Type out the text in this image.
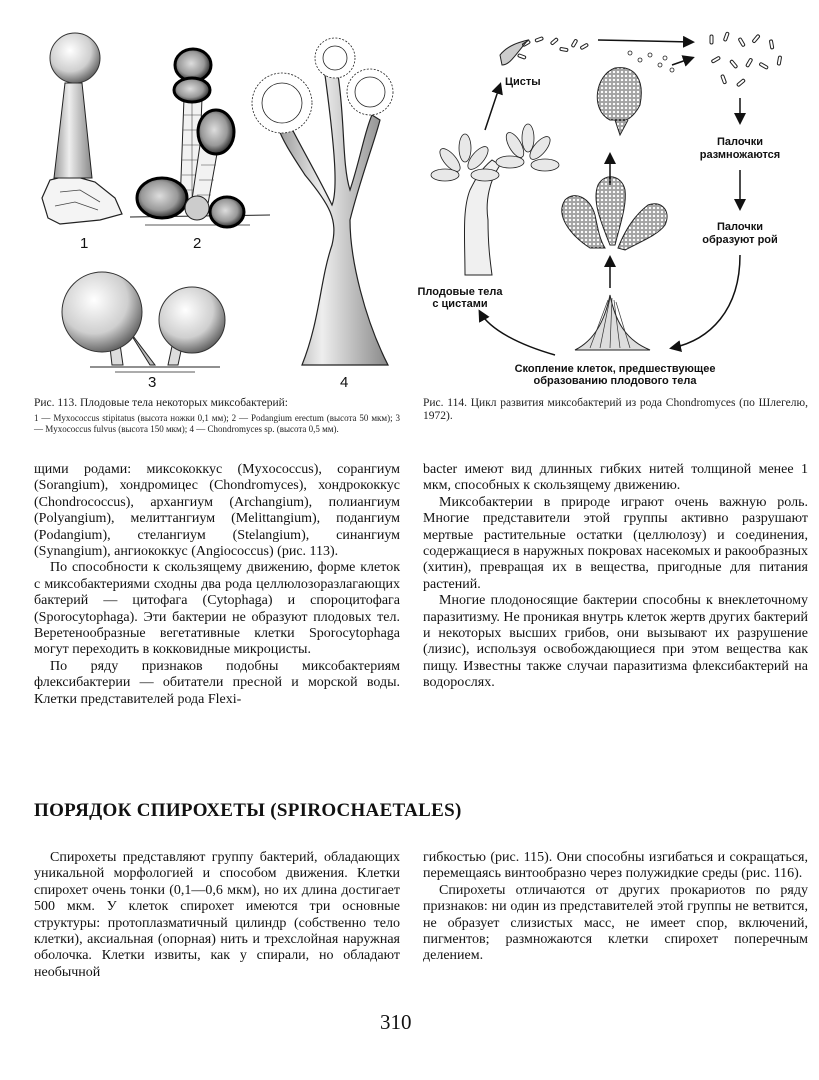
1	2
3	4
Рис. 113. Плодовые тела некоторых миксобактерий:
1 — Myxococcus stipitatus (высота ножки 0,1 мм); 2 — Podangium erectum (высота 50 мкм); 3 — Myxococcus fulvus (высота 150 мкм); 4 — Chondromyces sp. (высота 0,5 мм).
Цисты
Палочки
размножаются
Палочки
образуют рой
Плодовые тела
с цистами
Скопление клеток, предшествующее
образованию плодового тела
Рис. 114. Цикл развития миксобактерий из рода Chondromyces (по Шлегелю, 1972).

щими родами: миксококкус (Myxococcus), сорангиум (Sorangium), хондромицес (Chondromyces), хондрококкус (Chondrococcus), архангиум (Archangium), полиангиум (Polyangium), мелиттангиум (Melittangium), подангиум (Podangium), стелангиум (Stelangium), синангиум (Synangium), ангиококкус (Angiococcus) (рис. 113).

По способности к скользящему движению, форме клеток с миксобактериями сходны два рода целлюлозоразлагающих бактерий — цитофага (Cytophaga) и спороцитофага (Sporocytophaga). Эти бактерии не образуют плодовых тел. Веретенообразные вегетативные клетки Sporocytophaga могут переходить в кокковидные микроцисты.

По ряду признаков подобны миксобактериям флексибактерии — обитатели пресной и морской воды. Клетки представителей рода Flexi-

bacter имеют вид длинных гибких нитей толщиной менее 1 мкм, способных к скользящему движению.

Миксобактерии в природе играют очень важную роль. Многие представители этой группы активно разрушают мертвые растительные остатки (целлюлозу) и соединения, содержащиеся в наружных покровах насекомых и ракообразных (хитин), превращая их в вещества, пригодные для питания растений.

Многие плодоносящие бактерии способны к внеклеточному паразитизму. Не проникая внутрь клеток жертв других бактерий и некоторых высших грибов, они вызывают их разрушение (лизис), используя освобождающиеся при этом вещества как пищу. Известны также случаи паразитизма флексибактерий на водорослях.

ПОРЯДОК СПИРОХЕТЫ (SPIROCHAETALES)

Спирохеты представляют группу бактерий, обладающих уникальной морфологией и способом движения. Клетки спирохет очень тонки (0,1—0,6 мкм), но их длина достигает 500 мкм. У клеток спирохет имеются три основные структуры: протоплазматичный цилиндр (собственно тело клетки), аксиальная (опорная) нить и трехслойная наружная оболочка. Клетки извиты, как у спирали, но обладают необычной

гибкостью (рис. 115). Они способны изгибаться и сокращаться, перемещаясь винтообразно через полужидкие среды (рис. 116).

Спирохеты отличаются от других прокариотов по ряду признаков: ни один из представителей этой группы не ветвится, не образует слизистых масс, не имеет спор, включений, пигментов; размножаются клетки спирохет поперечным делением.

310
